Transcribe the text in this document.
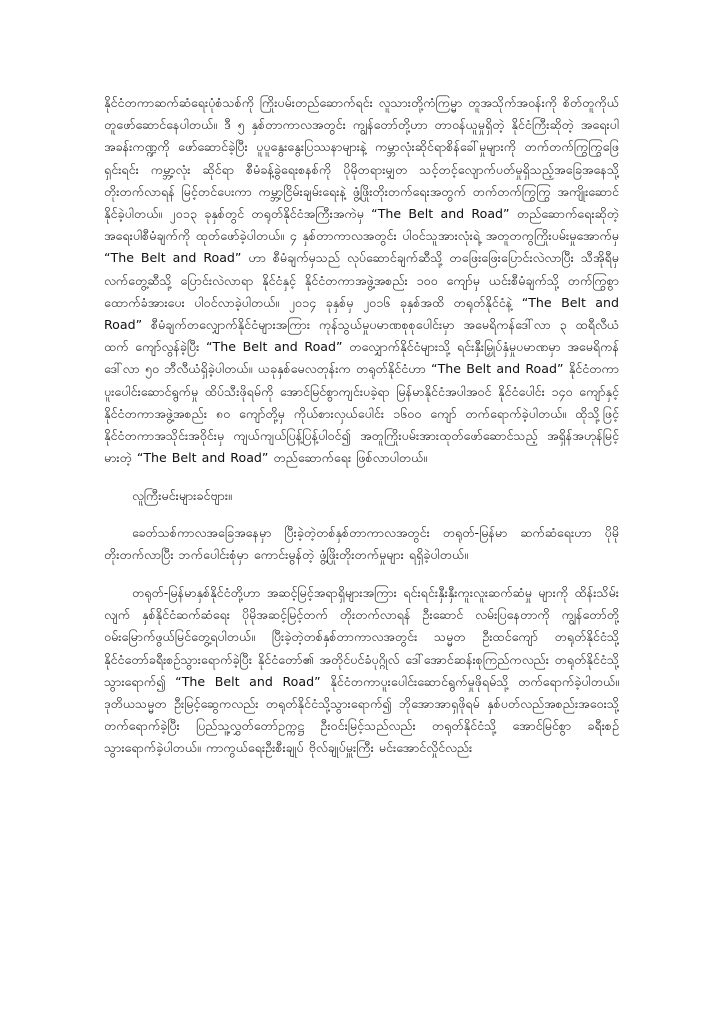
နိုင်ငံတကာဆက်ဆံရေးပုံစံသစ်ကို ကြိုးပမ်းတည်ဆောက်ရင်း လူသားတို့ကံကြမ္မာ တူအသိုက်အဝန်းကို စိတ်တူကိုယ်တူဖော်ဆောင်နေပါတယ်။ ဒီ ၅ နှစ်တာကာလအတွင်း ကျွန်တော်တို့ဟာ တာဝန်ယူမှုရှိတဲ့ နိုင်ငံကြီးဆိုတဲ့ အရေးပါအခန်းကဏ္ဍကို ဖော်ဆောင်ခဲ့ပြီး ပူပူနွေးနွေးပြဿနာများနဲ့ ကမ္ဘာလုံးဆိုင်ရာစိန်ခေါ်မှုများကို တက်တက်ကြွကြွဖြေရှင်းရင်း ကမ္ဘာ့လုံး ဆိုင်ရာ စီမံခန့်ခွဲရေးစနစ်ကို ပိုမိုတရားမျှတ သင့်တင့်လျောက်ပတ်မှုရှိသည့်အခြေအနေသို့ တိုးတက်လာရန် မြင့်တင်ပေးကာ ကမ္ဘာ့ငြိမ်းချမ်းရေးနဲ့ ဖွံ့ဖြိုးတိုးတက်ရေးအတွက် တက်တက်ကြွကြွ အကျိုးဆောင်နိုင်ခဲ့ပါတယ်။ ၂၀၁၃ ခုနှစ်တွင် တရုတ်နိုင်ငံအကြီးအကဲမှ “The Belt and Road” တည်ဆောက်ရေးဆိုတဲ့ အရေးပါစီမံချက်ကို ထုတ်ဖော်ခဲ့ပါတယ်။ ၄ နှစ်တာကာလအတွင်း ပါဝင်သူအားလုံးရဲ့ အတူတကွကြိုးပမ်းမှုအောက်မှ “The Belt and Road” ဟာ စီမံချက်မှသည် လုပ်ဆောင်ချက်ဆီသို့ တဖြေးဖြေးပြောင်းလဲလာပြီး သီအိုရီမှ လက်တွေ့ဆီသို့ ပြောင်းလဲလာရာ နိုင်ငံနှင့် နိုင်ငံတကာအဖွဲ့အစည်း ၁၀၀ ကျော်မှ ယင်းစီမံချက်သို့ တက်ကြွစွာ ထောက်ခံအားပေး ပါဝင်လာခဲ့ပါတယ်။ ၂၀၁၄ ခုနှစ်မှ ၂၀၁၆ ခုနှစ်အထိ တရုတ်နိုင်ငံနဲ့ “The Belt and Road” စီမံချက်တလျှောက်နိုင်ငံများအကြား ကုန်သွယ်မှုပမာဏစုစုပေါင်းမှာ အမေရိကန်ဒေါ်လာ ၃ ထရီလီယံထက် ကျော်လွန်ခဲ့ပြီး “The Belt and Road” တလျှောက်နိုင်ငံများသို့ ရင်းနှီးမြှုပ်နှံမှုပမာဏမှာ အမေရိကန်ဒေါ်လာ ၅၀ ဘီလီယံရှိခဲ့ပါတယ်။ ယခုနှစ်မေလတုန်းက တရုတ်နိုင်ငံဟာ “The Belt and Road” နိုင်ငံတကာပူးပေါင်းဆောင်ရွက်မှု ထိပ်သီးဖိုရမ်ကို အောင်မြင်စွာကျင်းပခဲ့ရာ မြန်မာနိုင်ငံအပါအဝင် နိုင်ငံပေါင်း ၁၄၀ ကျော်နှင့် နိုင်ငံတကာအဖွဲ့အစည်း ၈၀ ကျော်တို့မှ ကိုယ်စားလှယ်ပေါင်း ၁၆၀၀ ကျော် တက်ရောက်ခဲ့ပါတယ်။ ထိုသို့ဖြင့် နိုင်ငံတကာအသိုင်းအဝိုင်းမှ ကျယ်ကျယ်ပြန့်ပြန့်ပါဝင်၍ အတူကြိုးပမ်းအားထုတ်ဖော်ဆောင်သည့် အရှိန်အဟုန်မြင့်မားတဲ့ “The Belt and Road” တည်ဆောက်ရေး ဖြစ်လာပါတယ်။

လူကြီးမင်းများခင်ဗျား။

ခေတ်သစ်ကာလအခြေအနေမှာ ပြီးခဲ့တဲ့တစ်နှစ်တာကာလအတွင်း တရုတ်-မြန်မာ ဆက်ဆံရေးဟာ ပိုမိုတိုးတက်လာပြီး ဘက်ပေါင်းစုံမှာ ကောင်းမွန်တဲ့ ဖွံ့ဖြိုးတိုးတက်မှုများ ရရှိခဲ့ပါတယ်။

တရုတ်-မြန်မာနှစ်နိုင်ငံတို့ဟာ အဆင့်မြင့်အရာရှိများအကြား ရင်းရင်းနှီးနှီးကူးလူးဆက်ဆံမှု များကို ထိန်းသိမ်းလျက် နှစ်နိုင်ငံဆက်ဆံရေး ပိုမိုအဆင့်မြင့်တက် တိုးတက်လာရန် ဦးဆောင် လမ်းပြနေတာကို ကျွန်တော်တို့ ဝမ်းမြောက်ဖွယ်မြင်တွေ့ရပါတယ်။ ပြီးခဲ့တဲ့တစ်နှစ်တာကာလအတွင်း သမ္မတ ဦးထင်ကျော် တရုတ်နိုင်ငံသို့ နိုင်ငံတော်ခရီးစဉ်သွားရောက်ခဲ့ပြီး နိုင်ငံတော်၏ အတိုင်ပင်ခံပုဂ္ဂိုလ် ဒေါ်အောင်ဆန်းစုကြည်ကလည်း တရုတ်နိုင်ငံသို့သွားရောက်၍ “The Belt and Road” နိုင်ငံတကာပူးပေါင်းဆောင်ရွက်မှုဖိုရမ်သို့ တက်ရောက်ခဲ့ပါတယ်။ ဒုတိယသမ္မတ ဦးမြင့်ဆွေကလည်း တရုတ်နိုင်ငံသို့သွားရောက်၍ ဘိုအောအာရှဖိုရမ် နှစ်ပတ်လည်အစည်းအဝေးသို့ တက်ရောက်ခဲ့ပြီး ပြည်သူ့လွှတ်တော်ဥက္ကဋ္ဌ ဦးဝင်းမြင့်သည်လည်း တရုတ်နိုင်ငံသို့ အောင်မြင်စွာ ခရီးစဉ် သွားရောက်ခဲ့ပါတယ်။ ကာကွယ်ရေးဦးစီးချုပ် ဗိုလ်ချုပ်မှူးကြီး မင်းအောင်လှိုင်လည်း
